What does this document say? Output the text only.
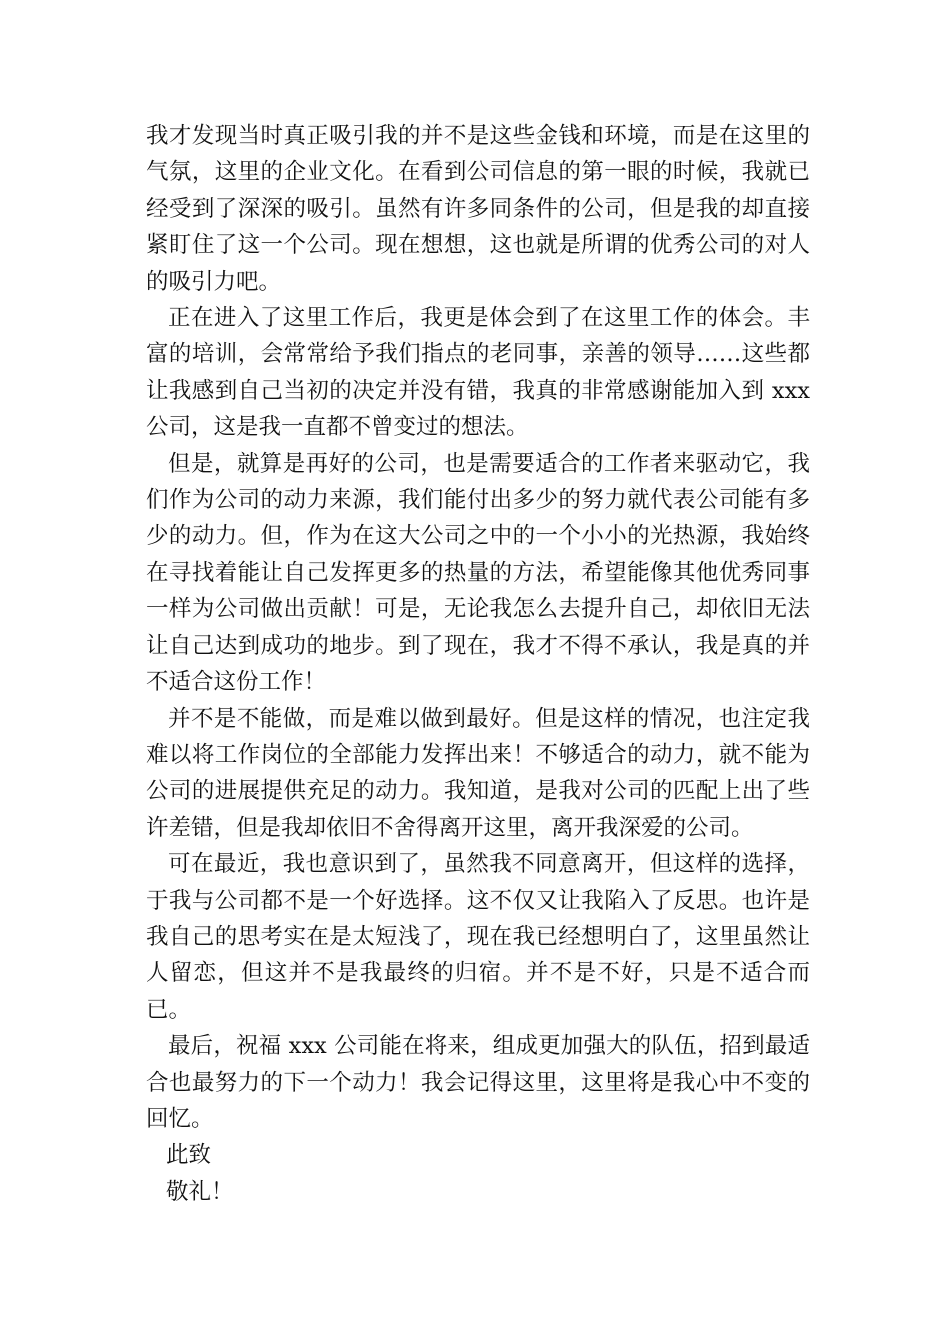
我才发现当时真正吸引我的并不是这些金钱和环境，而是在这里的气氛，这里的企业文化。在看到公司信息的第一眼的时候，我就已经受到了深深的吸引。虽然有许多同条件的公司，但是我的却直接紧盯住了这一个公司。现在想想，这也就是所谓的优秀公司的对人的吸引力吧。

正在进入了这里工作后，我更是体会到了在这里工作的体会。丰富的培训，会常常给予我们指点的老同事，亲善的领导……这些都让我感到自己当初的决定并没有错，我真的非常感谢能加入到 xxx 公司，这是我一直都不曾变过的想法。

但是，就算是再好的公司，也是需要适合的工作者来驱动它，我们作为公司的动力来源，我们能付出多少的努力就代表公司能有多少的动力。但，作为在这大公司之中的一个小小的光热源，我始终在寻找着能让自己发挥更多的热量的方法，希望能像其他优秀同事一样为公司做出贡献！可是，无论我怎么去提升自己，却依旧无法让自己达到成功的地步。到了现在，我才不得不承认，我是真的并不适合这份工作！

并不是不能做，而是难以做到最好。但是这样的情况，也注定我难以将工作岗位的全部能力发挥出来！不够适合的动力，就不能为公司的进展提供充足的动力。我知道，是我对公司的匹配上出了些许差错，但是我却依旧不舍得离开这里，离开我深爱的公司。

可在最近，我也意识到了，虽然我不同意离开，但这样的选择，于我与公司都不是一个好选择。这不仅又让我陷入了反思。也许是我自己的思考实在是太短浅了，现在我已经想明白了，这里虽然让人留恋，但这并不是我最终的归宿。并不是不好，只是不适合而已。

最后，祝福 xxx 公司能在将来，组成更加强大的队伍，招到最适合也最努力的下一个动力！我会记得这里，这里将是我心中不变的回忆。

此致

敬礼！
